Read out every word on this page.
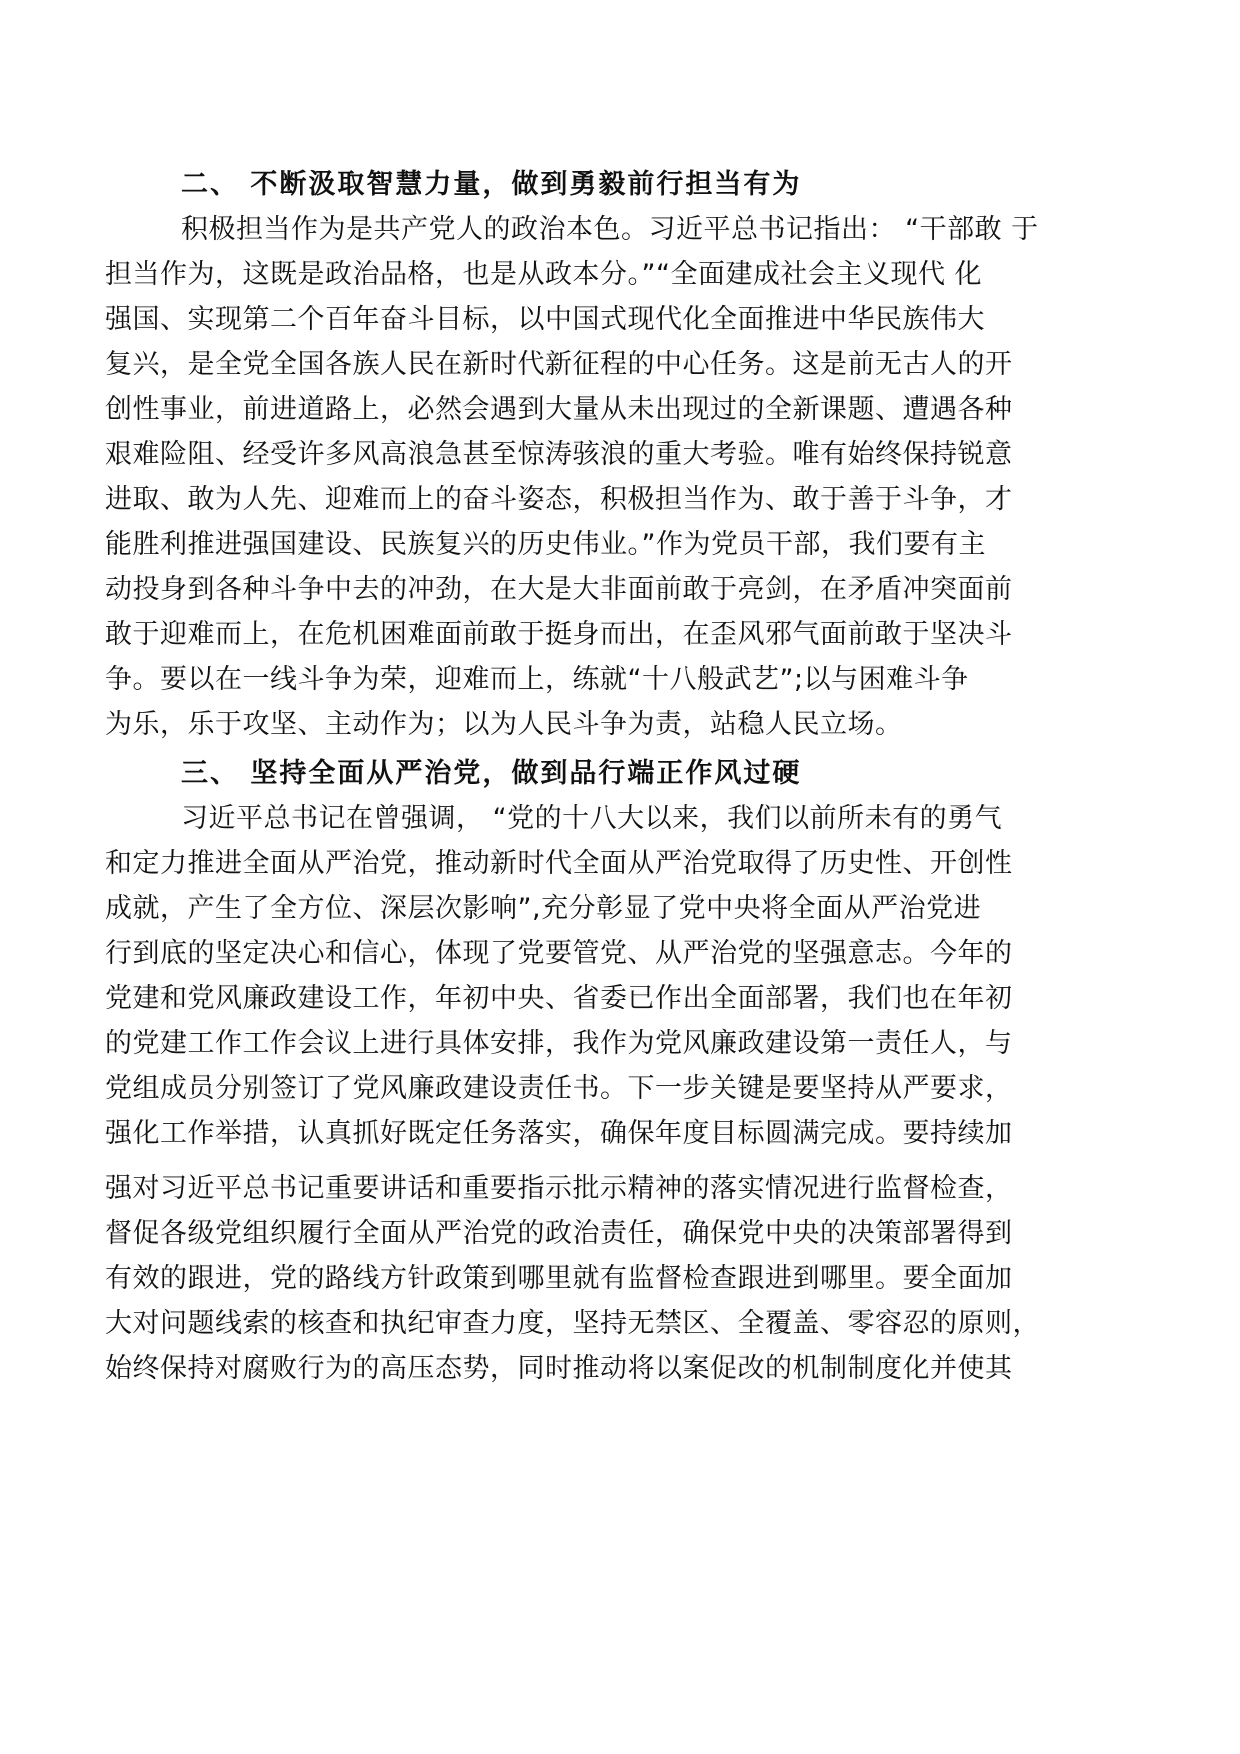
二、 不断汲取智慧力量，做到勇毅前行担当有为
积极担当作为是共产党人的政治本色。习近平总书记指出： “干部敢 于
担当作为，这既是政治品格，也是从政本分。”“全面建成社会主义现代 化
强国、实现第二个百年奋斗目标，以中国式现代化全面推进中华民族伟大
复兴，是全党全国各族人民在新时代新征程的中心任务。这是前无古人的开
创性事业，前进道路上，必然会遇到大量从未出现过的全新课题、遭遇各种
艰难险阻、经受许多风高浪急甚至惊涛骇浪的重大考验。唯有始终保持锐意
进取、敢为人先、迎难而上的奋斗姿态，积极担当作为、敢于善于斗争，才
能胜利推进强国建设、民族复兴的历史伟业。”作为党员干部，我们要有主
动投身到各种斗争中去的冲劲，在大是大非面前敢于亮剑，在矛盾冲突面前
敢于迎难而上，在危机困难面前敢于挺身而出，在歪风邪气面前敢于坚决斗
争。要以在一线斗争为荣，迎难而上，练就“十八般武艺”;以与困难斗争
为乐，乐于攻坚、主动作为；以为人民斗争为责，站稳人民立场。
三、 坚持全面从严治党，做到品行端正作风过硬
习近平总书记在曾强调， “党的十八大以来，我们以前所未有的勇气
和定力推进全面从严治党，推动新时代全面从严治党取得了历史性、开创性
成就，产生了全方位、深层次影响”,充分彰显了党中央将全面从严治党进
行到底的坚定决心和信心，体现了党要管党、从严治党的坚强意志。今年的
党建和党风廉政建设工作，年初中央、省委已作出全面部署，我们也在年初
的党建工作工作会议上进行具体安排，我作为党风廉政建设第一责任人，与
党组成员分别签订了党风廉政建设责任书。下一步关键是要坚持从严要求，
强化工作举措，认真抓好既定任务落实，确保年度目标圆满完成。要持续加
强对习近平总书记重要讲话和重要指示批示精神的落实情况进行监督检查，
督促各级党组织履行全面从严治党的政治责任，确保党中央的决策部署得到
有效的跟进，党的路线方针政策到哪里就有监督检查跟进到哪里。要全面加
大对问题线索的核查和执纪审查力度，坚持无禁区、全覆盖、零容忍的原则，
始终保持对腐败行为的高压态势，同时推动将以案促改的机制制度化并使其
